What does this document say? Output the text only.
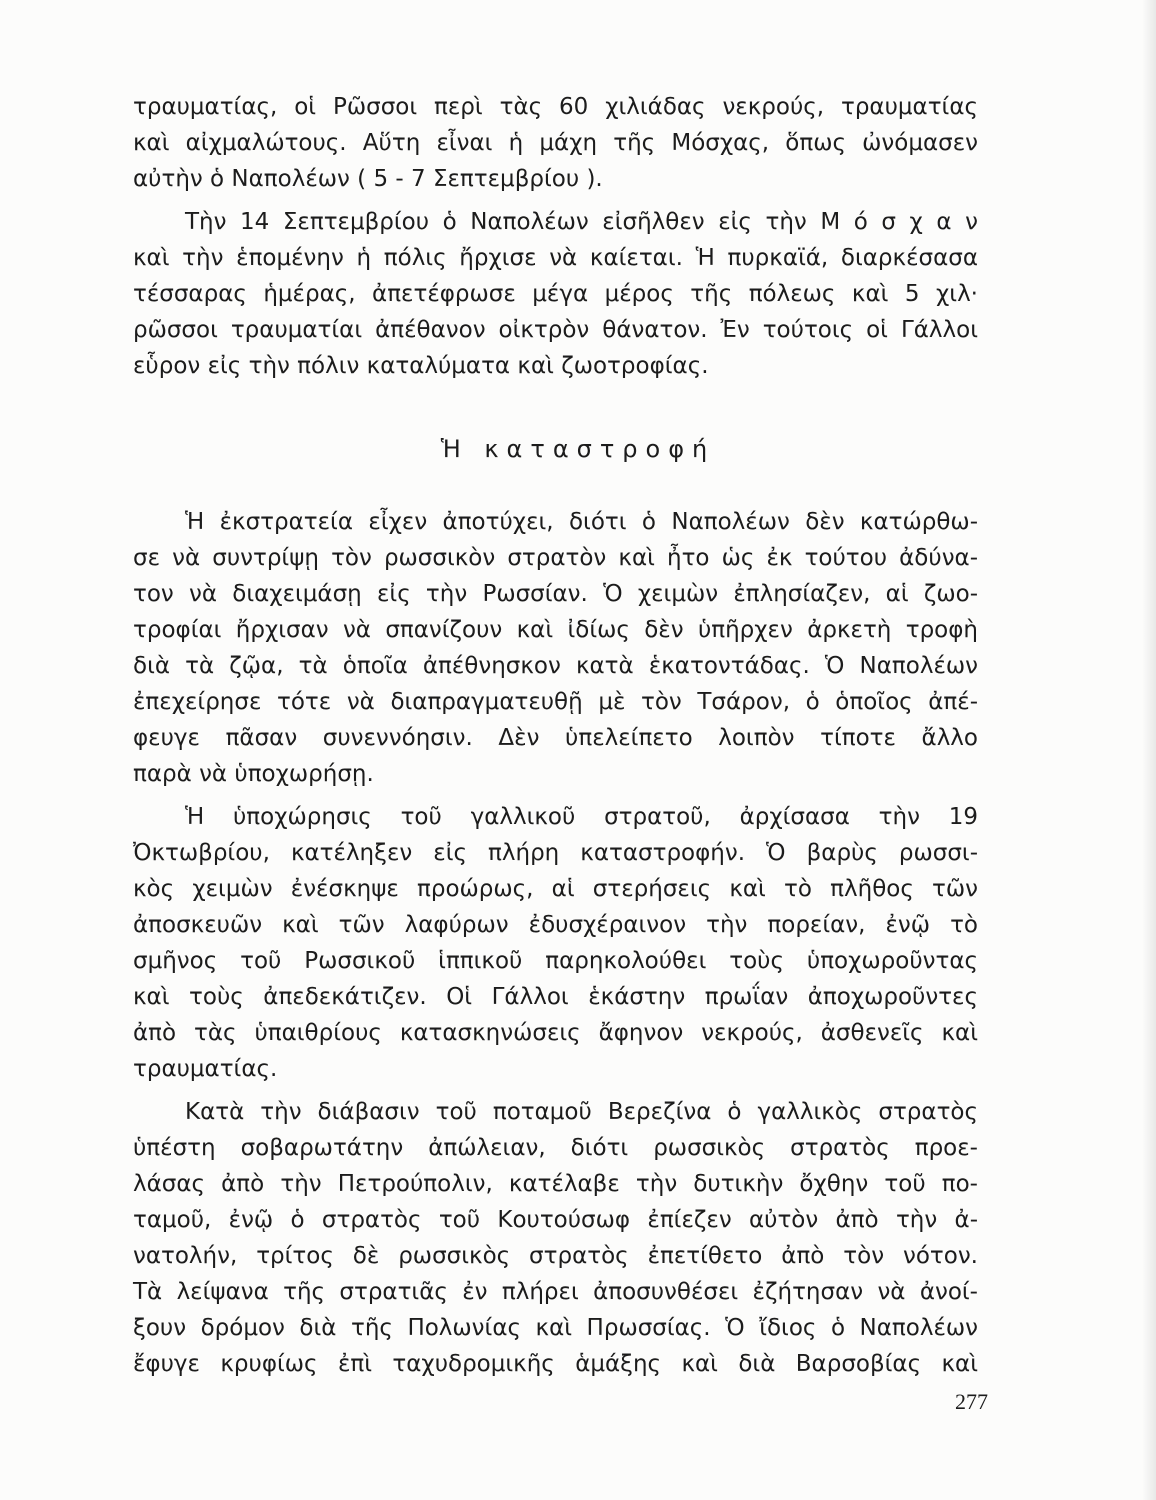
τραυματίας, οἱ Ρῶσσοι περὶ τὰς 60 χιλιάδας νεκρούς, τραυματίας
καὶ αἰχμαλώτους. Αὕτη εἶναι ἡ μάχη τῆς Μόσχας, ὅπως ὠνόμασεν
αὐτὴν ὁ Ναπολέων ( 5 - 7 Σεπτεμβρίου ).
Τὴν 14 Σεπτεμβρίου ὁ Ναπολέων εἰσῆλθεν εἰς τὴν Μ ό σ χ α ν
καὶ τὴν ἑπομένην ἡ πόλις ἤρχισε νὰ καίεται. Ἡ πυρκαϊά, διαρκέσασα
τέσσαρας ἡμέρας, ἀπετέφρωσε μέγα μέρος τῆς πόλεως καὶ 5 χιλ·
ρῶσσοι τραυματίαι ἀπέθανον οἰκτρὸν θάνατον. Ἐν τούτοις οἱ Γάλλοι
εὗρον εἰς τὴν πόλιν καταλύματα καὶ ζωοτροφίας.
Ἡ καταστροφή
Ἡ ἐκστρατεία εἶχεν ἀποτύχει, διότι ὁ Ναπολέων δὲν κατώρθω-
σε νὰ συντρίψῃ τὸν ρωσσικὸν στρατὸν καὶ ἦτο ὡς ἐκ τούτου ἀδύνα-
τον νὰ διαχειμάσῃ εἰς τὴν Ρωσσίαν. Ὁ χειμὼν ἐπλησίαζεν, αἱ ζωο-
τροφίαι ἤρχισαν νὰ σπανίζουν καὶ ἰδίως δὲν ὑπῆρχεν ἀρκετὴ τροφὴ
διὰ τὰ ζῷα, τὰ ὁποῖα ἀπέθνησκον κατὰ ἑκατοντάδας. Ὁ Ναπολέων
ἐπεχείρησε τότε νὰ διαπραγματευθῇ μὲ τὸν Τσάρον, ὁ ὁποῖος ἀπέ-
φευγε πᾶσαν συνεννόησιν. Δὲν ὑπελείπετο λοιπὸν τίποτε ἄλλο
παρὰ νὰ ὑποχωρήσῃ.
Ἡ ὑποχώρησις τοῦ γαλλικοῦ στρατοῦ, ἀρχίσασα τὴν 19
Ὀκτωβρίου, κατέληξεν εἰς πλήρη καταστροφήν. Ὁ βαρὺς ρωσσι-
κὸς χειμὼν ἐνέσκηψε προώρως, αἱ στερήσεις καὶ τὸ πλῆθος τῶν
ἀποσκευῶν καὶ τῶν λαφύρων ἐδυσχέραινον τὴν πορείαν, ἐνῷ τὸ
σμῆνος τοῦ Ρωσσικοῦ ἱππικοῦ παρηκολούθει τοὺς ὑποχωροῦντας
καὶ τοὺς ἀπεδεκάτιζεν. Οἱ Γάλλοι ἑκάστην πρωΐαν ἀποχωροῦντες
ἀπὸ τὰς ὑπαιθρίους κατασκηνώσεις ἄφηνον νεκρούς, ἀσθενεῖς καὶ
τραυματίας.
Κατὰ τὴν διάβασιν τοῦ ποταμοῦ Βερεζίνα ὁ γαλλικὸς στρατὸς
ὑπέστη σοβαρωτάτην ἀπώλειαν, διότι ρωσσικὸς στρατὸς προε-
λάσας ἀπὸ τὴν Πετρούπολιν, κατέλαβε τὴν δυτικὴν ὄχθην τοῦ πο-
ταμοῦ, ἐνῷ ὁ στρατὸς τοῦ Κουτούσωφ ἐπίεζεν αὐτὸν ἀπὸ τὴν ἀ-
νατολήν, τρίτος δὲ ρωσσικὸς στρατὸς ἐπετίθετο ἀπὸ τὸν νότον.
Τὰ λείψανα τῆς στρατιᾶς ἐν πλήρει ἀποσυνθέσει ἐζήτησαν νὰ ἀνοί-
ξουν δρόμον διὰ τῆς Πολωνίας καὶ Πρωσσίας. Ὁ ἴδιος ὁ Ναπολέων
ἔφυγε κρυφίως ἐπὶ ταχυδρομικῆς ἁμάξης καὶ διὰ Βαρσοβίας καὶ
277
